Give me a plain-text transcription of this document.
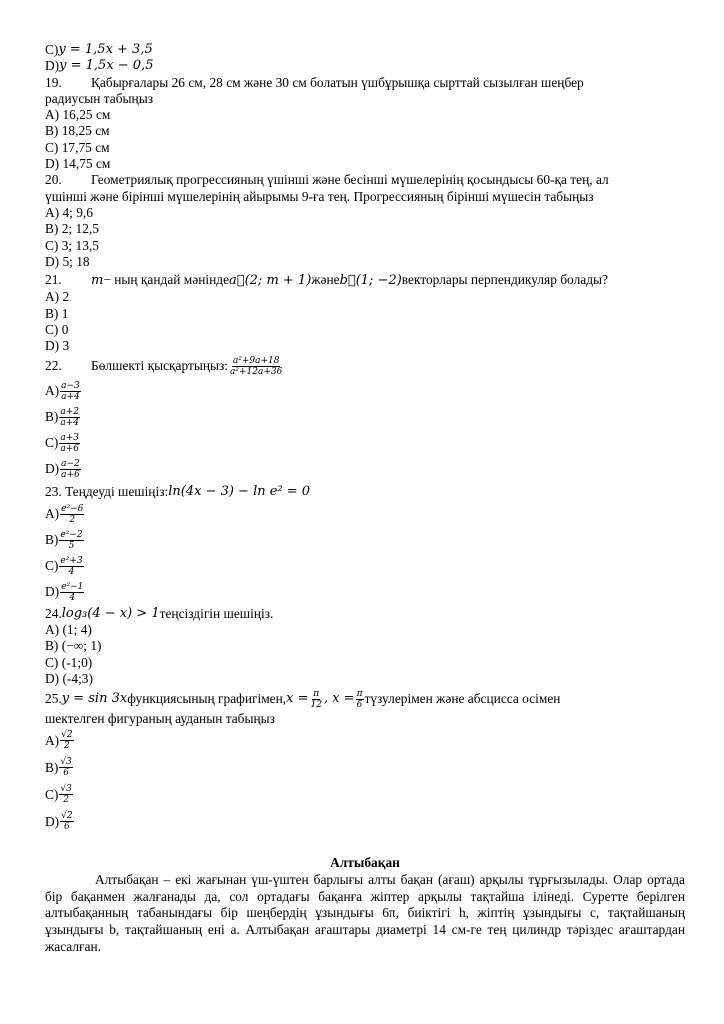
C) y = 1,5x + 3,5
D) y = 1,5x − 0,5
19.	Қабырғалары 26 см, 28 см және 30 см болатын үшбұрышқа сырттай сызылған шеңбер
радиусын табыңыз
A) 16,25 см
B) 18,25 см
C) 17,75 см
D) 14,75 см
20.	Геометриялық прогрессияның үшінші және бесінші мүшелерінің қосындысы 60-қа тең, ал
үшінші және бірінші мүшелерінің айырымы 9-ға тең. Прогрессияның бірінші мүшесін табыңыз
A) 4; 9,6
B) 2; 12,5
C) 3; 13,5
D) 5; 18
21.	m − ның қандай мәнінде a⃗(2; m + 1) және b⃗(1; −2) векторлары перпендикуляр болады?
A) 2
B) 1
C) 0
D) 3
22.	Бөлшекті қысқартыңыз: $\frac{\text{a²+9a+18}}{\text{a²+12a+36}}$
$A) \frac{a-3}{a+4}$
$B) \frac{a+2}{a+4}$
$C) \frac{a+3}{a+6}$
$D) \frac{a-2}{a+6}$
23. Теңдеуді шешіңіз: ln(4x − 3) − ln e² = 0
$A) \frac{\text{e²−6}}{2}$
$B) \frac{\text{e²−2}}{5}$
$C) \frac{\text{e²+3}}{4}$
$D) \frac{\text{e²−1}}{4}$
24. log₃(4 − x) > 1 теңсіздігін шешіңіз.
A) (1; 4)
B) (−∞; 1)
C) (-1;0)
D) (-4;3)
25. y = sin 3x функциясының графигімен, $x = \frac{\pi}{12}$ , $x = \frac{\pi}{6}$ түзулерімен және абсцисса осімен
шектелген фигураның ауданын табыңыз
$A) \frac{√2}{2}$
$B) \frac{√3}{6}$
$C) \frac{√3}{2}$
$D) \frac{√2}{6}$
Алтыбақан
Алтыбақан – екі жағынан үш-үштен барлығы алты бақан (ағаш) арқылы тұрғызылады. Олар ортада бір бақанмен жалғанады да, сол ортадағы бақанға жіптер арқылы тақтайша ілінеді. Суретте берілген алтыбақанның табанындағы бір шеңбердің ұзындығы 6π, биіктігі h, жіптің ұзындығы c, тақтайшаның ұзындығы b, тақтайшаның ені a. Алтыбақан ағаштары диаметрі 14 см-ге тең цилиндр тәріздес ағаштардан жасалған.
